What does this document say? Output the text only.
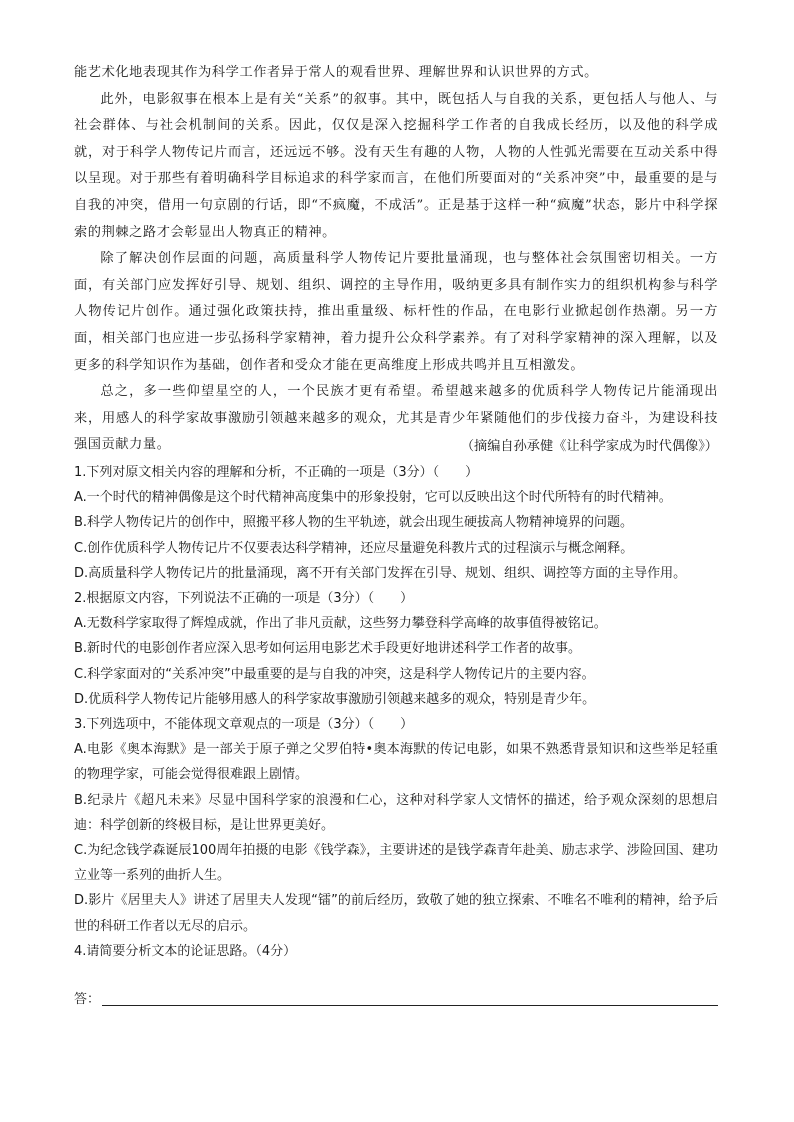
能艺术化地表现其作为科学工作者异于常人的观看世界、理解世界和认识世界的方式。

此外，电影叙事在根本上是有关“关系”的叙事。其中，既包括人与自我的关系，更包括人与他人、与社会群体、与社会机制间的关系。因此，仅仅是深入挖掘科学工作者的自我成长经历，以及他的科学成就，对于科学人物传记片而言，还远远不够。没有天生有趣的人物，人物的人性弧光需要在互动关系中得以呈现。对于那些有着明确科学目标追求的科学家而言，在他们所要面对的“关系冲突”中，最重要的是与自我的冲突，借用一句京剧的行话，即“不疯魔，不成活”。正是基于这样一种“疯魔”状态，影片中科学探索的荆棘之路才会彰显出人物真正的精神。

除了解决创作层面的问题，高质量科学人物传记片要批量涌现，也与整体社会氛围密切相关。一方面，有关部门应发挥好引导、规划、组织、调控的主导作用，吸纳更多具有制作实力的组织机构参与科学人物传记片创作。通过强化政策扶持，推出重量级、标杆性的作品，在电影行业掀起创作热潮。另一方面，相关部门也应进一步弘扬科学家精神，着力提升公众科学素养。有了对科学家精神的深入理解，以及更多的科学知识作为基础，创作者和受众才能在更高维度上形成共鸣并且互相激发。

总之，多一些仰望星空的人，一个民族才更有希望。希望越来越多的优质科学人物传记片能涌现出来，用感人的科学家故事激励引领越来越多的观众，尤其是青少年紧随他们的步伐接力奋斗，为建设科技强国贡献力量。	（摘编自孙承健《让科学家成为时代偶像》）

1.下列对原文相关内容的理解和分析，不正确的一项是（3分）（　　）

A.一个时代的精神偶像是这个时代精神高度集中的形象投射，它可以反映出这个时代所特有的时代精神。

B.科学人物传记片的创作中，照搬平移人物的生平轨迹，就会出现生硬拔高人物精神境界的问题。

C.创作优质科学人物传记片不仅要表达科学精神，还应尽量避免科教片式的过程演示与概念阐释。

D.高质量科学人物传记片的批量涌现，离不开有关部门发挥在引导、规划、组织、调控等方面的主导作用。

2.根据原文内容，下列说法不正确的一项是（3分）（　　）

A.无数科学家取得了辉煌成就，作出了非凡贡献，这些努力攀登科学高峰的故事值得被铭记。

B.新时代的电影创作者应深入思考如何运用电影艺术手段更好地讲述科学工作者的故事。

C.科学家面对的“关系冲突”中最重要的是与自我的冲突，这是科学人物传记片的主要内容。

D.优质科学人物传记片能够用感人的科学家故事激励引领越来越多的观众，特别是青少年。

3.下列选项中，不能体现文章观点的一项是（3分）（　　）

A.电影《奥本海默》是一部关于原子弹之父罗伯特•奥本海默的传记电影，如果不熟悉背景知识和这些举足轻重的物理学家，可能会觉得很难跟上剧情。

B.纪录片《超凡未来》尽显中国科学家的浪漫和仁心，这种对科学家人文情怀的描述，给予观众深刻的思想启迪：科学创新的终极目标，是让世界更美好。

C.为纪念钱学森诞辰100周年拍摄的电影《钱学森》，主要讲述的是钱学森青年赴美、励志求学、涉险回国、建功立业等一系列的曲折人生。

D.影片《居里夫人》讲述了居里夫人发现“镭”的前后经历，致敬了她的独立探索、不唯名不唯利的精神，给予后世的科研工作者以无尽的启示。

4.请简要分析文本的论证思路。（4分）

答：
